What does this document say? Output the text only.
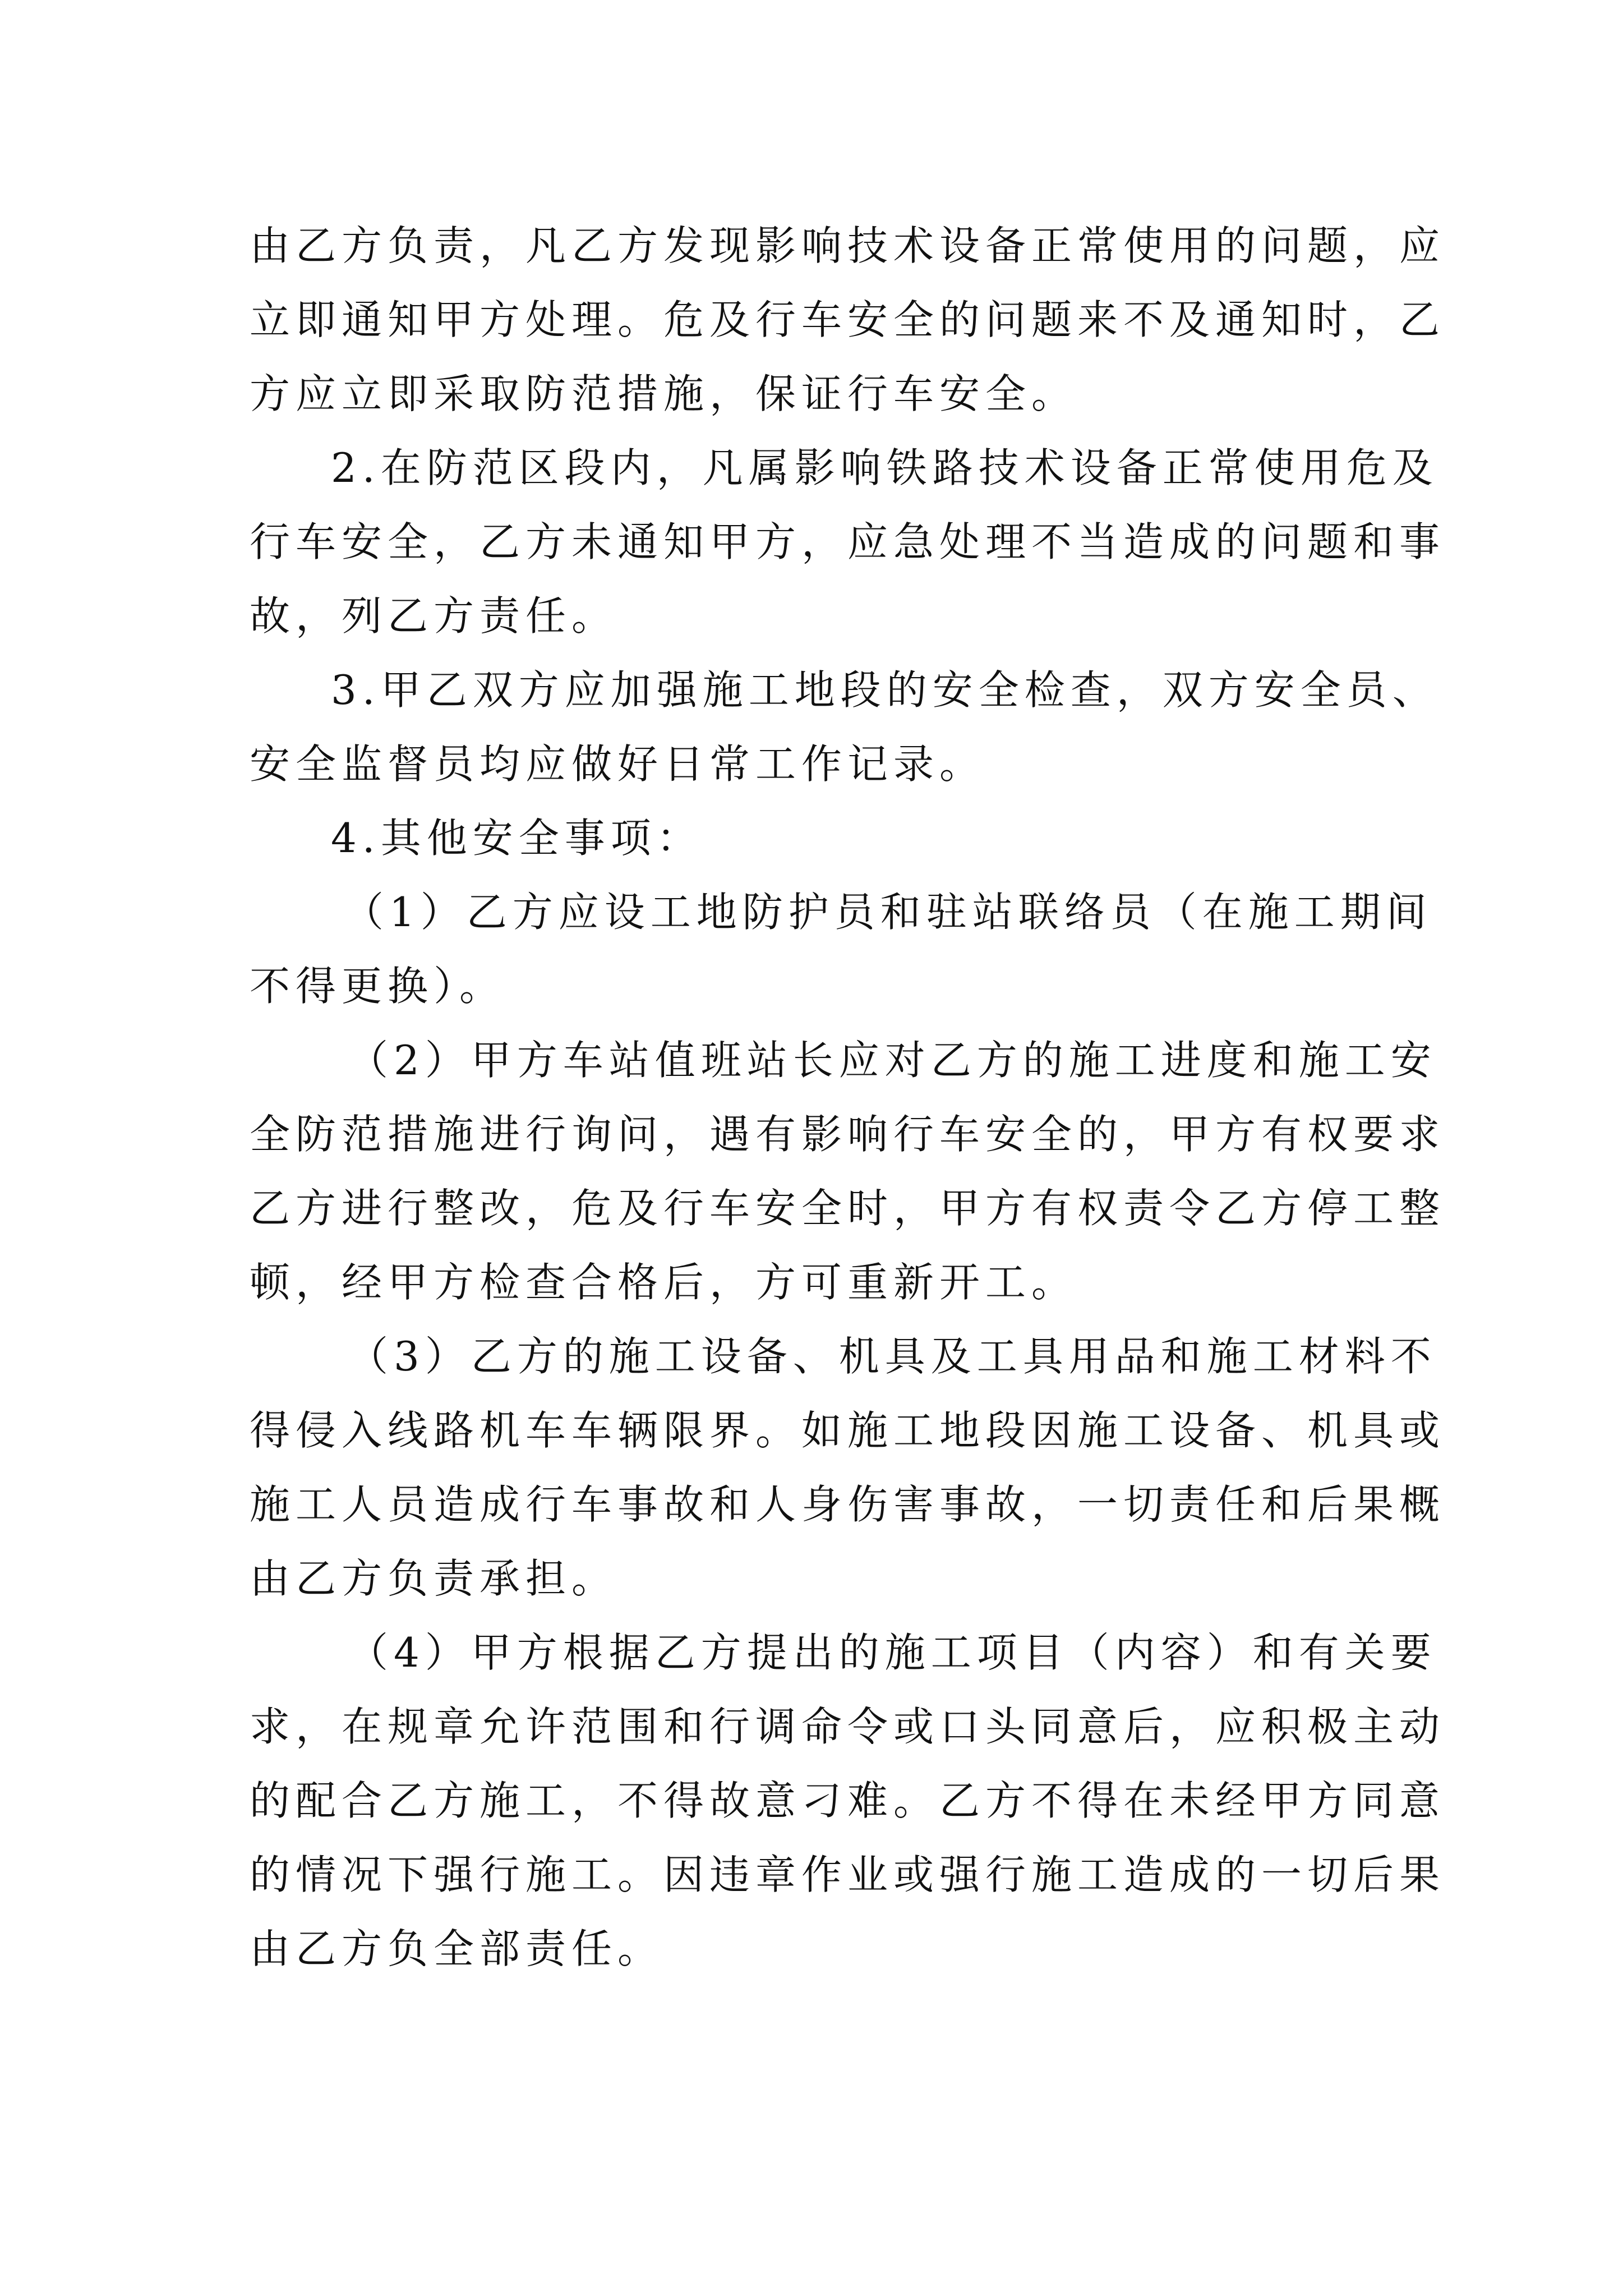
由乙方负责，凡乙方发现影响技术设备正常使用的问题，应
立即通知甲方处理。危及行车安全的问题来不及通知时，乙
方应立即采取防范措施，保证行车安全。
2.在防范区段内，凡属影响铁路技术设备正常使用危及
行车安全，乙方未通知甲方，应急处理不当造成的问题和事
故，列乙方责任。
3.甲乙双方应加强施工地段的安全检查，双方安全员、
安全监督员均应做好日常工作记录。
4.其他安全事项：
（1）乙方应设工地防护员和驻站联络员（在施工期间
不得更换）。
（2）甲方车站值班站长应对乙方的施工进度和施工安
全防范措施进行询问，遇有影响行车安全的，甲方有权要求
乙方进行整改，危及行车安全时，甲方有权责令乙方停工整
顿，经甲方检查合格后，方可重新开工。
（3）乙方的施工设备、机具及工具用品和施工材料不
得侵入线路机车车辆限界。如施工地段因施工设备、机具或
施工人员造成行车事故和人身伤害事故，一切责任和后果概
由乙方负责承担。
（4）甲方根据乙方提出的施工项目（内容）和有关要
求，在规章允许范围和行调命令或口头同意后，应积极主动
的配合乙方施工，不得故意刁难。乙方不得在未经甲方同意
的情况下强行施工。因违章作业或强行施工造成的一切后果
由乙方负全部责任。
